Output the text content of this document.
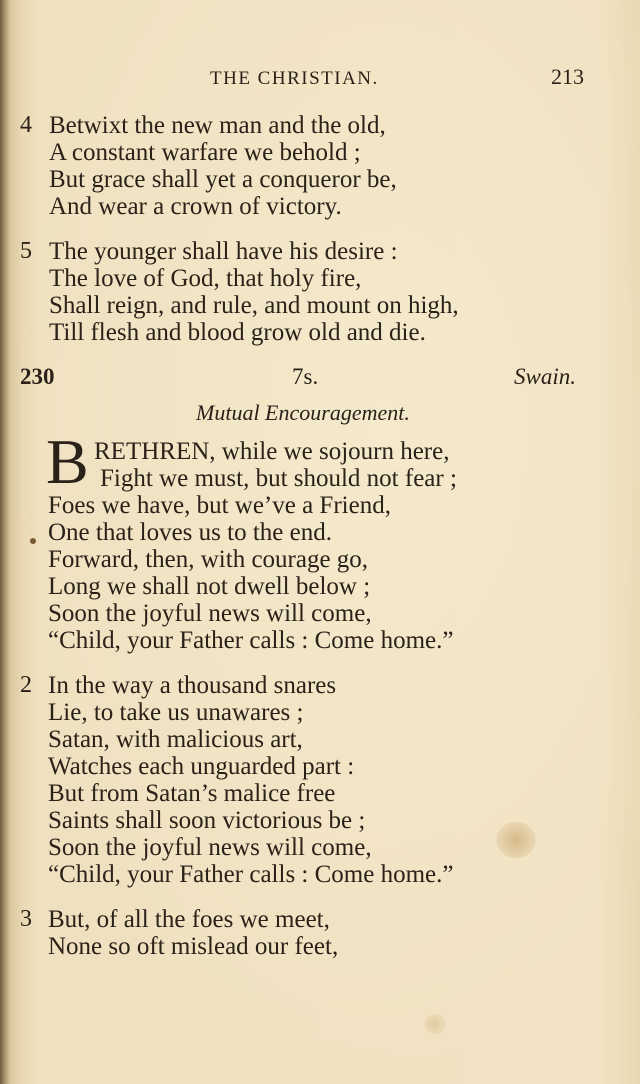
THE CHRISTIAN.	213
4 Betwixt the new man and the old,
A constant warfare we behold ;
But grace shall yet a conqueror be,
And wear a crown of victory.
5 The younger shall have his desire :
The love of God, that holy fire,
Shall reign, and rule, and mount on high,
Till flesh and blood grow old and die.
230	7s.	Swain.
Mutual Encouragement.
B RETHREN, while we sojourn here,
Fight we must, but should not fear ;
Foes we have, but we’ve a Friend,
One that loves us to the end.
Forward, then, with courage go,
Long we shall not dwell below ;
Soon the joyful news will come,
“Child, your Father calls : Come home.”
2 In the way a thousand snares
Lie, to take us unawares ;
Satan, with malicious art,
Watches each unguarded part :
But from Satan’s malice free
Saints shall soon victorious be ;
Soon the joyful news will come,
“Child, your Father calls : Come home.”
3 But, of all the foes we meet,
None so oft mislead our feet,
